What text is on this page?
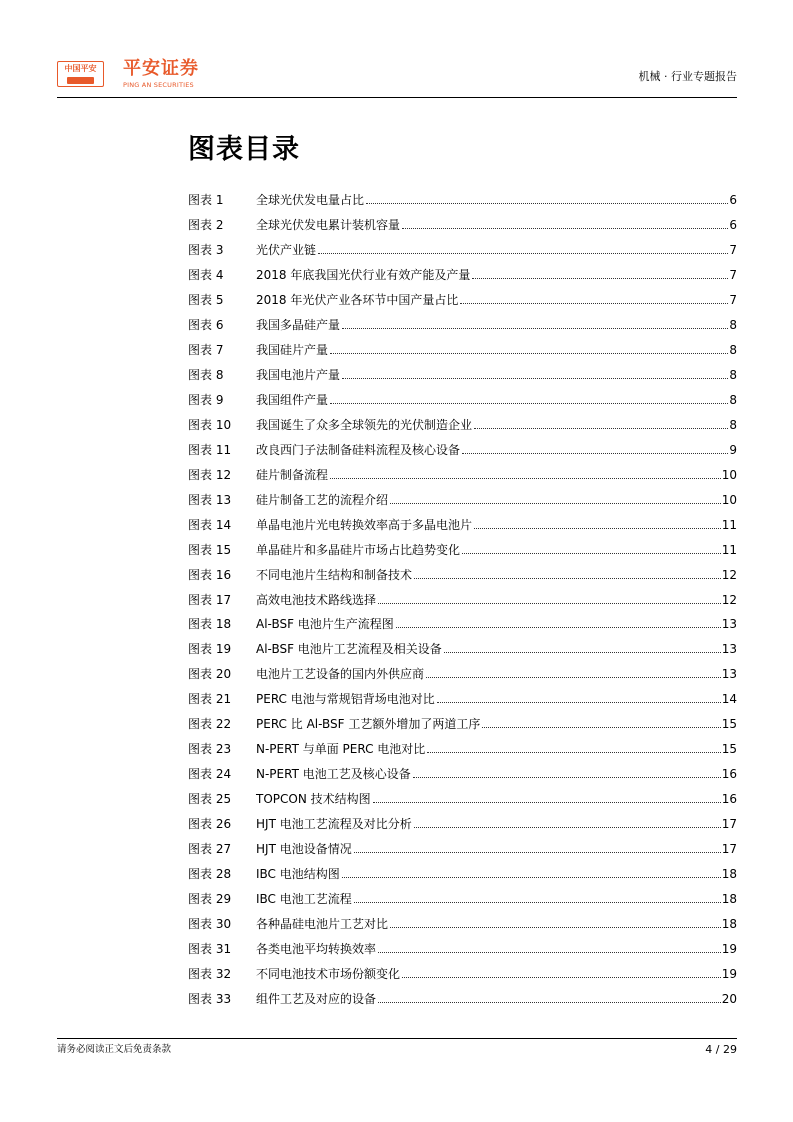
中国平安	平安证券
PING AN SECURITIES
机械 · 行业专题报告
图表目录
图表 1	全球光伏发电量占比	6
图表 2	全球光伏发电累计装机容量	6
图表 3	光伏产业链	7
图表 4	2018 年底我国光伏行业有效产能及产量	7
图表 5	2018 年光伏产业各环节中国产量占比	7
图表 6	我国多晶硅产量	8
图表 7	我国硅片产量	8
图表 8	我国电池片产量	8
图表 9	我国组件产量	8
图表 10	我国诞生了众多全球领先的光伏制造企业	8
图表 11	改良西门子法制备硅料流程及核心设备	9
图表 12	硅片制备流程	10
图表 13	硅片制备工艺的流程介绍	10
图表 14	单晶电池片光电转换效率高于多晶电池片	11
图表 15	单晶硅片和多晶硅片市场占比趋势变化	11
图表 16	不同电池片生结构和制备技术	12
图表 17	高效电池技术路线选择	12
图表 18	Al-BSF 电池片生产流程图	13
图表 19	Al-BSF 电池片工艺流程及相关设备	13
图表 20	电池片工艺设备的国内外供应商	13
图表 21	PERC 电池与常规铝背场电池对比	14
图表 22	PERC 比 Al-BSF 工艺额外增加了两道工序	15
图表 23	N-PERT 与单面 PERC 电池对比	15
图表 24	N-PERT 电池工艺及核心设备	16
图表 25	TOPCON 技术结构图	16
图表 26	HJT 电池工艺流程及对比分析	17
图表 27	HJT 电池设备情况	17
图表 28	IBC 电池结构图	18
图表 29	IBC 电池工艺流程	18
图表 30	各种晶硅电池片工艺对比	18
图表 31	各类电池平均转换效率	19
图表 32	不同电池技术市场份额变化	19
图表 33	组件工艺及对应的设备	20
请务必阅读正文后免责条款	4 / 29
